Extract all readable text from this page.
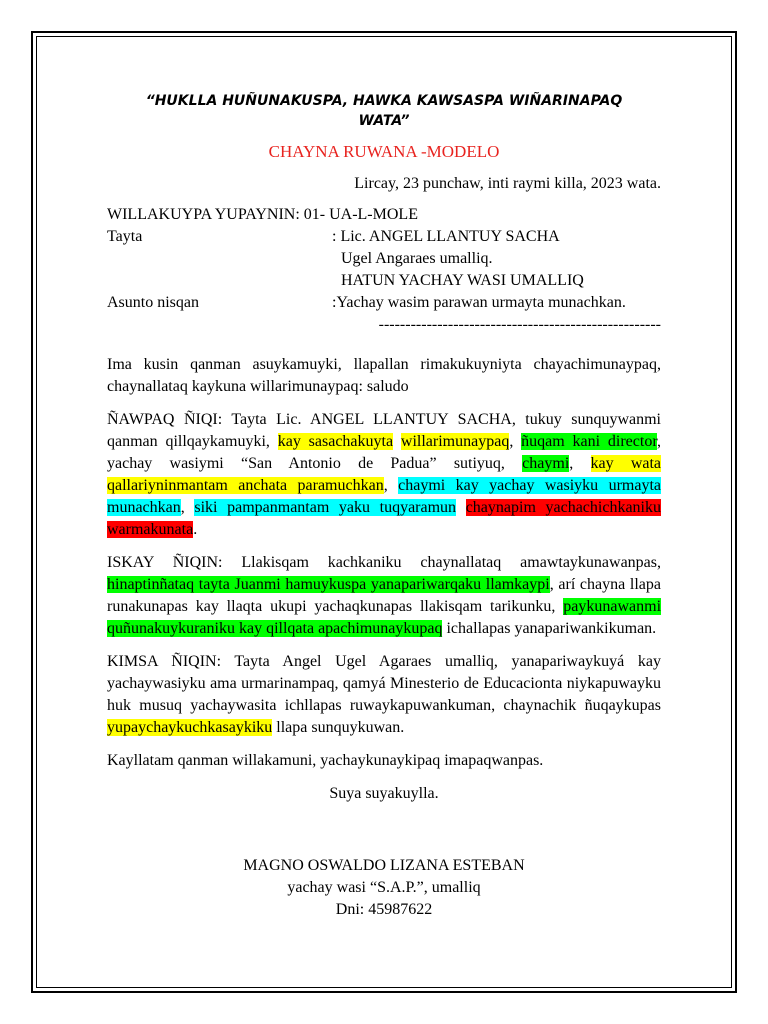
“HUKLLA HUÑUNAKUSPA, HAWKA KAWSASPA WIÑARINAPAQ WATA”
CHAYNA RUWANA -MODELO
Lircay, 23 punchaw, inti raymi killa, 2023 wata.
WILLAKUYPA YUPAYNIN: 01- UA-L-MOLE
Tayta	: Lic. ANGEL LLANTUY SACHA
Ugel Angaraes umalliq.
HATUN YACHAY WASI UMALLIQ
Asunto nisqan	:Yachay wasim parawan urmayta munachkan.
-----------------------------------------------------

Ima kusin qanman asuykamuyki, llapallan rimakukuyniyta chayachimunaypaq, chaynallataq kaykuna willarimunaypaq: saludo

ÑAWPAQ ÑIQI: Tayta Lic. ANGEL LLANTUY SACHA, tukuy sunquywanmi qanman qillqaykamuyki, kay sasachakuyta willarimunaypaq, ñuqam kani director, yachay wasiymi “San Antonio de Padua” sutiyuq, chaymi, kay wata qallariyninmantam anchata paramuchkan, chaymi kay yachay wasiyku urmayta munachkan, siki pampanmantam yaku tuqyaramun chaynapim yachachichkaniku warmakunata.

ISKAY ÑIQIN: Llakisqam kachkaniku chaynallataq amawtaykunawanpas, hinaptinñataq tayta Juanmi hamuykuspa yanapariwarqaku llamkaypi, arí chayna llapa runakunapas kay llaqta ukupi yachaqkunapas llakisqam tarikunku, paykunawanmi quñunakuykuraniku kay qillqata apachimunaykupaq ichallapas yanapariwankikuman.

KIMSA ÑIQIN: Tayta Angel Ugel Agaraes umalliq, yanapariwaykuyá kay yachaywasiyku ama urmarinampaq, qamyá Minesterio de Educacionta niykapuwayku huk musuq yachaywasita ichllapas ruwaykapuwankuman, chaynachik ñuqaykupas yupaychaykuchkasaykiku llapa sunquykuwan.

Kayllatam qanman willakamuni, yachaykunaykipaq imapaqwanpas.

Suya suyakuylla.
MAGNO OSWALDO LIZANA ESTEBAN
yachay wasi “S.A.P.”, umalliq
Dni: 45987622
